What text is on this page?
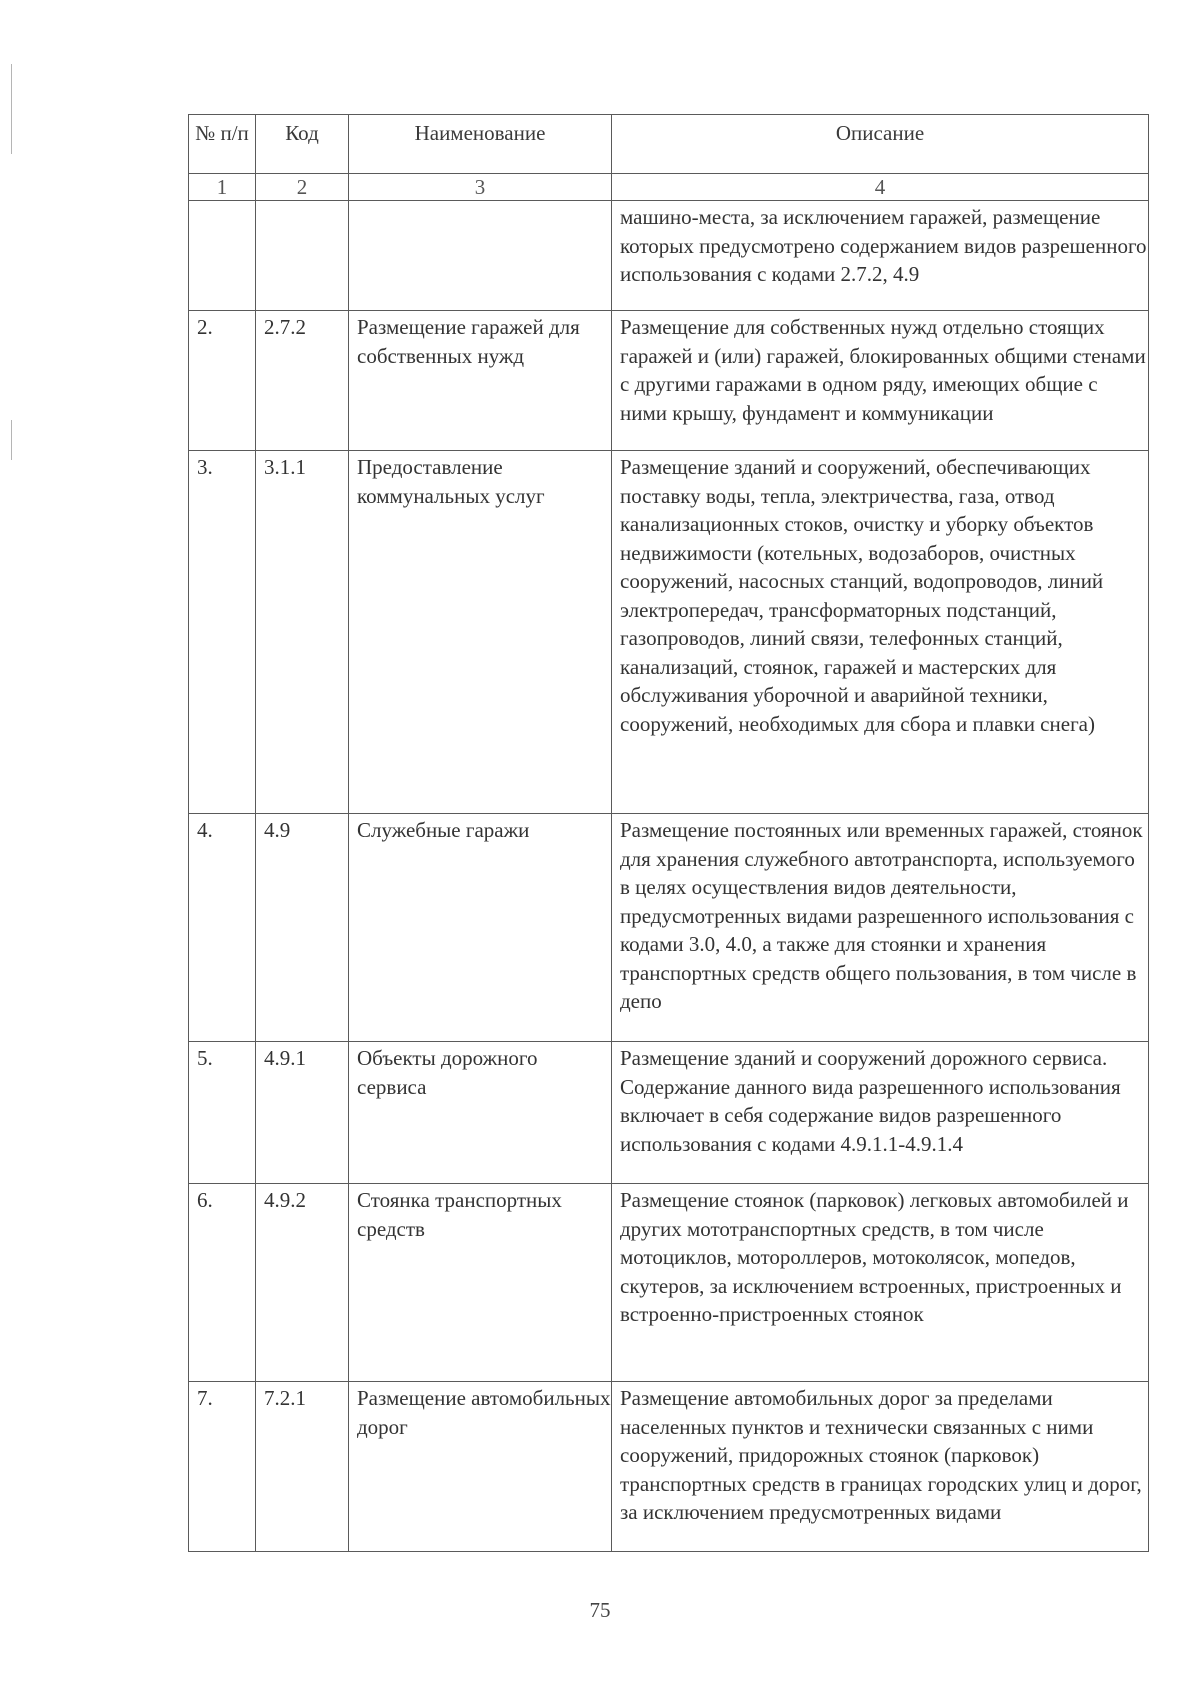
№ п/п	Код	Наименование	Описание
1	2	3	4
			машино-места, за исключением гаражей, размещение которых предусмотрено содержанием видов разрешенного использования с кодами 2.7.2, 4.9
2.	2.7.2	Размещение гаражей для собственных нужд	Размещение для собственных нужд отдельно стоящих гаражей и (или) гаражей, блокированных общими стенами с другими гаражами в одном ряду, имеющих общие с ними крышу, фундамент и коммуникации
3.	3.1.1	Предоставление коммунальных услуг	Размещение зданий и сооружений, обеспечивающих поставку воды, тепла, электричества, газа, отвод канализационных стоков, очистку и уборку объектов недвижимости (котельных, водозаборов, очистных сооружений, насосных станций, водопроводов, линий электропередач, трансформаторных подстанций, газопроводов, линий связи, телефонных станций, канализаций, стоянок, гаражей и мастерских для обслуживания уборочной и аварийной техники, сооружений, необходимых для сбора и плавки снега)
4.	4.9	Служебные гаражи	Размещение постоянных или временных гаражей, стоянок для хранения служебного автотранспорта, используемого в целях осуществления видов деятельности, предусмотренных видами разрешенного использования с кодами 3.0, 4.0, а также для стоянки и хранения транспортных средств общего пользования, в том числе в депо
5.	4.9.1	Объекты дорожного сервиса	Размещение зданий и сооружений дорожного сервиса. Содержание данного вида разрешенного использования включает в себя содержание видов разрешенного использования с кодами 4.9.1.1-4.9.1.4
6.	4.9.2	Стоянка транспортных средств	Размещение стоянок (парковок) легковых автомобилей и других мототранспортных средств, в том числе мотоциклов, мотороллеров, мотоколясок, мопедов, скутеров, за исключением встроенных, пристроенных и встроенно-пристроенных стоянок
7.	7.2.1	Размещение автомобильных дорог	Размещение автомобильных дорог за пределами населенных пунктов и технически связанных с ними сооружений, придорожных стоянок (парковок) транспортных средств в границах городских улиц и дорог, за исключением предусмотренных видами
75
